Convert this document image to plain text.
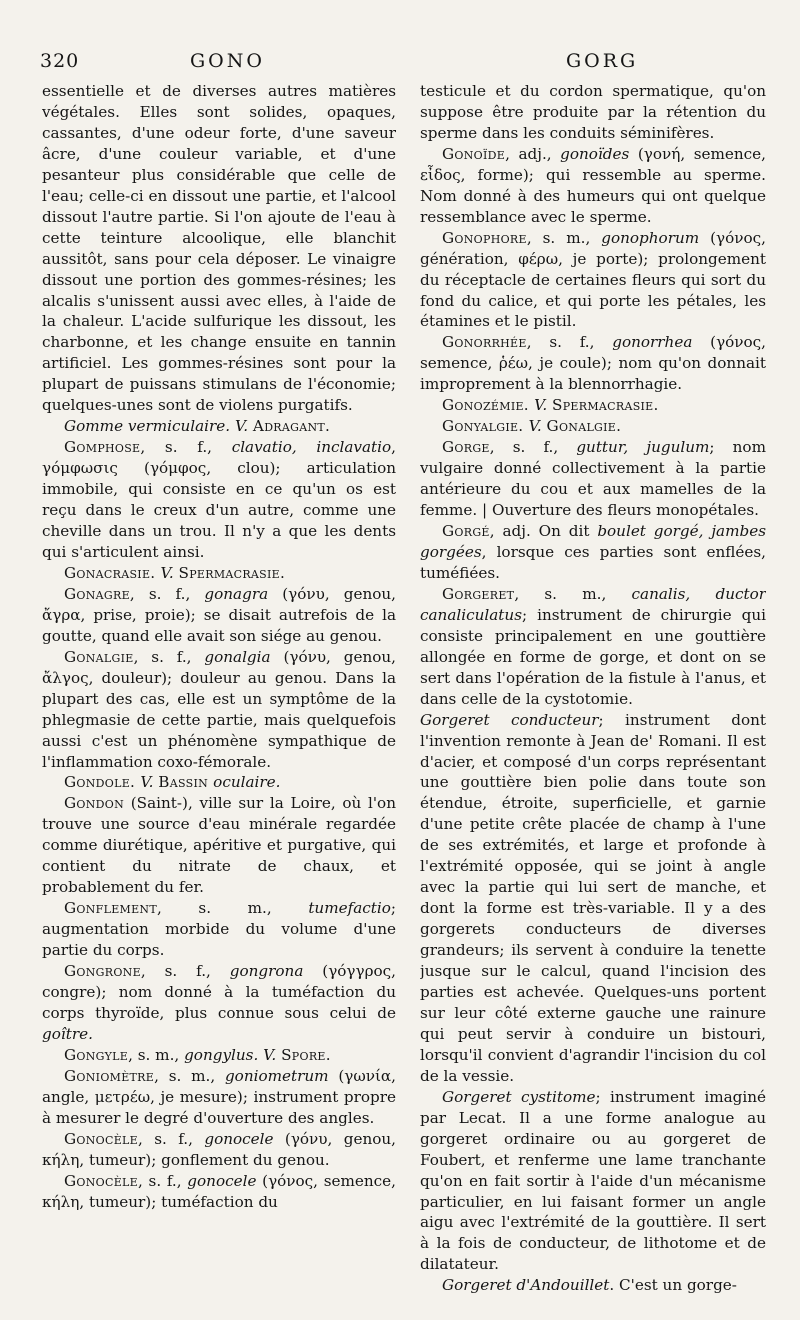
320	GONO	GORG

essentielle et de diverses autres matières végétales. Elles sont solides, opaques, cassantes, d'une odeur forte, d'une saveur âcre, d'une couleur variable, et d'une pesanteur plus considérable que celle de l'eau; celle-ci en dissout une partie, et l'alcool dissout l'autre partie. Si l'on ajoute de l'eau à cette teinture alcoolique, elle blanchit aussitôt, sans pour cela déposer. Le vinaigre dissout une portion des gommes-résines; les alcalis s'unissent aussi avec elles, à l'aide de la chaleur. L'acide sulfurique les dissout, les charbonne, et les change ensuite en tannin artificiel. Les gommes-résines sont pour la plupart de puissans stimulans de l'économie; quelques-unes sont de violens purgatifs.

Gomme vermiculaire. V. Adragant.

Gomphose, s. f., clavatio, inclavatio, γόμφωσις (γόμφος, clou); articulation immobile, qui consiste en ce qu'un os est reçu dans le creux d'un autre, comme une cheville dans un trou. Il n'y a que les dents qui s'articulent ainsi.

Gonacrasie. V. Spermacrasie.

Gonagre, s. f., gonagra (γόνυ, genou, ἄγρα, prise, proie); se disait autrefois de la goutte, quand elle avait son siége au genou.

Gonalgie, s. f., gonalgia (γόνυ, genou, ἄλγος, douleur); douleur au genou. Dans la plupart des cas, elle est un symptôme de la phlegmasie de cette partie, mais quelquefois aussi c'est un phénomène sympathique de l'inflammation coxo-fémorale.

Gondole. V. Bassin oculaire.

Gondon (Saint-), ville sur la Loire, où l'on trouve une source d'eau minérale regardée comme diurétique, apéritive et purgative, qui contient du nitrate de chaux, et probablement du fer.

Gonflement, s. m., tumefactio; augmentation morbide du volume d'une partie du corps.

Gongrone, s. f., gongrona (γόγγρος, congre); nom donné à la tuméfaction du corps thyroïde, plus connue sous celui de goître.

Gongyle, s. m., gongylus. V. Spore.

Goniomètre, s. m., goniometrum (γωνία, angle, μετρέω, je mesure); instrument propre à mesurer le degré d'ouverture des angles.

Gonocèle, s. f., gonocele (γόνυ, genou, κήλη, tumeur); gonflement du genou.

Gonocèle, s. f., gonocele (γόνος, semence, κήλη, tumeur); tuméfaction du

testicule et du cordon spermatique, qu'on suppose être produite par la rétention du sperme dans les conduits séminifères.

Gonoïde, adj., gonoïdes (γονή, semence, εἶδος, forme); qui ressemble au sperme. Nom donné à des humeurs qui ont quelque ressemblance avec le sperme.

Gonophore, s. m., gonophorum (γόνος, génération, φέρω, je porte); prolongement du réceptacle de certaines fleurs qui sort du fond du calice, et qui porte les pétales, les étamines et le pistil.

Gonorrhée, s. f., gonorrhea (γόνος, semence, ῥέω, je coule); nom qu'on donnait improprement à la blennorrhagie.

Gonozémie. V. Spermacrasie.

Gonyalgie. V. Gonalgie.

Gorge, s. f., guttur, jugulum; nom vulgaire donné collectivement à la partie antérieure du cou et aux mamelles de la femme. | Ouverture des fleurs monopétales.

Gorgé, adj. On dit boulet gorgé, jambes gorgées, lorsque ces parties sont enflées, tuméfiées.

Gorgeret, s. m., canalis, ductor canaliculatus; instrument de chirurgie qui consiste principalement en une gouttière allongée en forme de gorge, et dont on se sert dans l'opération de la fistule à l'anus, et dans celle de la cystotomie.

Gorgeret conducteur; instrument dont l'invention remonte à Jean de' Romani. Il est d'acier, et composé d'un corps représentant une gouttière bien polie dans toute son étendue, étroite, superficielle, et garnie d'une petite crête placée de champ à l'une de ses extrémités, et large et profonde à l'extrémité opposée, qui se joint à angle avec la partie qui lui sert de manche, et dont la forme est très-variable. Il y a des gorgerets conducteurs de diverses grandeurs; ils servent à conduire la tenette jusque sur le calcul, quand l'incision des parties est achevée. Quelques-uns portent sur leur côté externe gauche une rainure qui peut servir à conduire un bistouri, lorsqu'il convient d'agrandir l'incision du col de la vessie.

Gorgeret cystitome; instrument imaginé par Lecat. Il a une forme analogue au gorgeret ordinaire ou au gorgeret de Foubert, et renferme une lame tranchante qu'on en fait sortir à l'aide d'un mécanisme particulier, en lui faisant former un angle aigu avec l'extrémité de la gouttière. Il sert à la fois de conducteur, de lithotome et de dilatateur.

Gorgeret d'Andouillet. C'est un gorge-
